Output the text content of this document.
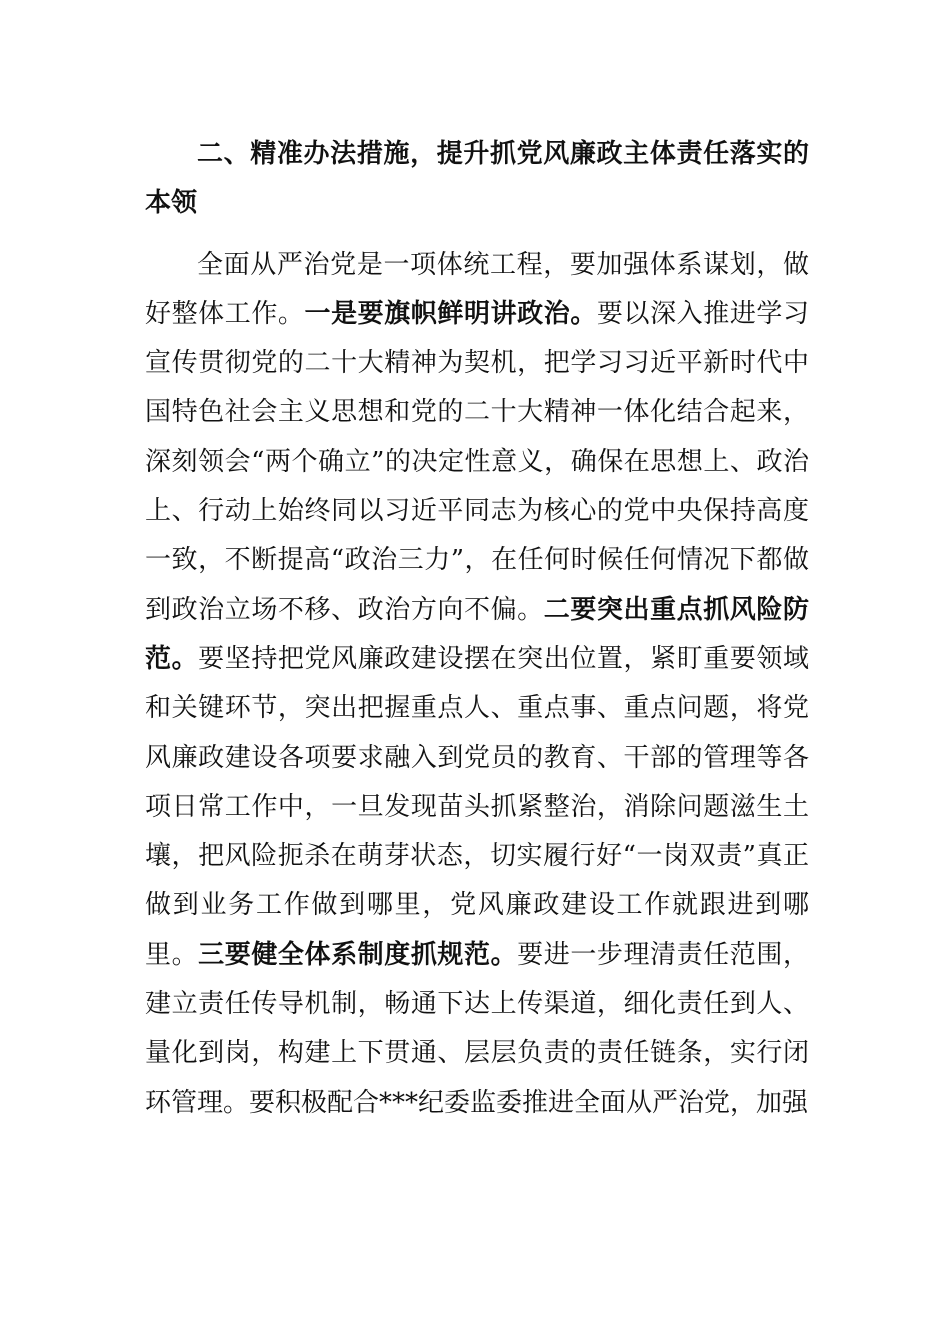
二、精准办法措施，提升抓党风廉政主体责任落实的本领

全面从严治党是一项体统工程，要加强体系谋划，做好整体工作。一是要旗帜鲜明讲政治。要以深入推进学习宣传贯彻党的二十大精神为契机，把学习习近平新时代中国特色社会主义思想和党的二十大精神一体化结合起来，深刻领会“两个确立”的决定性意义，确保在思想上、政治上、行动上始终同以习近平同志为核心的党中央保持高度一致，不断提高“政治三力”，在任何时候任何情况下都做到政治立场不移、政治方向不偏。二要突出重点抓风险防范。要坚持把党风廉政建设摆在突出位置，紧盯重要领域和关键环节，突出把握重点人、重点事、重点问题，将党风廉政建设各项要求融入到党员的教育、干部的管理等各项日常工作中，一旦发现苗头抓紧整治，消除问题滋生土壤，把风险扼杀在萌芽状态，切实履行好“一岗双责”真正做到业务工作做到哪里，党风廉政建设工作就跟进到哪里。三要健全体系制度抓规范。要进一步理清责任范围，建立责任传导机制，畅通下达上传渠道，细化责任到人、量化到岗，构建上下贯通、层层负责的责任链条，实行闭环管理。要积极配合***纪委监委推进全面从严治党，加强
